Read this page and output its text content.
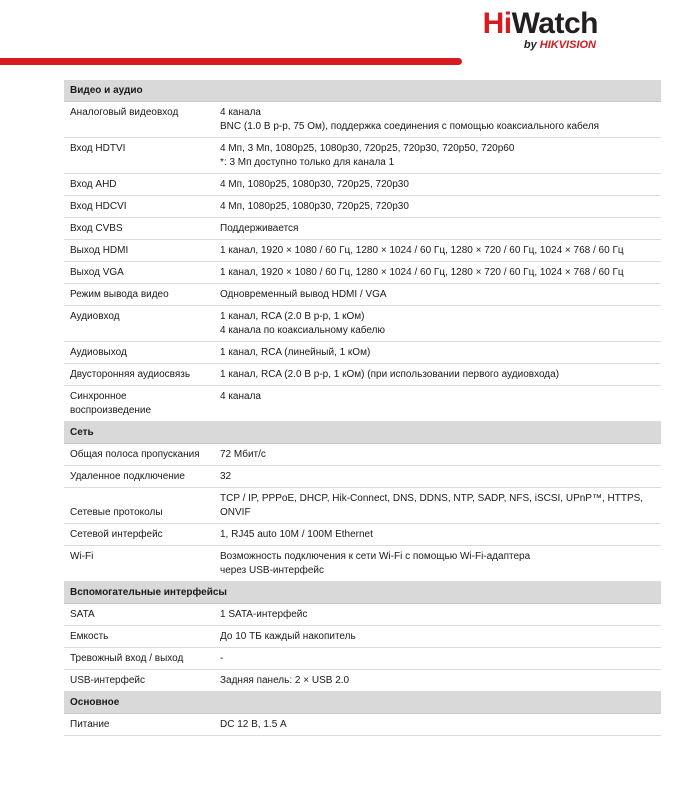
HiWatch
by HIKVISION
Видео и аудио	
Аналоговый видеовход	4 канала
BNC (1.0 В p-p, 75 Ом), поддержка соединения с помощью коаксиального кабеля

Вход HDTVI	4 Мп, 3 Мп, 1080p25, 1080p30, 720p25, 720p30, 720p50, 720p60
*: 3 Мп доступно только для канала 1

Вход AHD	4 Мп, 1080p25, 1080p30, 720p25, 720p30

Вход HDCVI	4 Мп, 1080p25, 1080p30, 720p25, 720p30

Вход CVBS	Поддерживается

Выход HDMI	1 канал, 1920 × 1080 / 60 Гц, 1280 × 1024 / 60 Гц, 1280 × 720 / 60 Гц, 1024 × 768 / 60 Гц

Выход VGA	1 канал, 1920 × 1080 / 60 Гц, 1280 × 1024 / 60 Гц, 1280 × 720 / 60 Гц, 1024 × 768 / 60 Гц

Режим вывода видео	Одновременный вывод HDMI / VGA

Аудиовход	1 канал, RCA (2.0 В p-p, 1 кОм)
4 канала по коаксиальному кабелю

Аудиовыход	1 канал, RCA (линейный, 1 кОм)

Двусторонняя аудиосвязь	1 канал, RCA (2.0 В p-p, 1 кОм) (при использовании первого аудиовхода)

Синхронное воспроизведение	4 канала

Сеть	
Общая полоса пропускания	72 Мбит/с

Удаленное подключение	32

Сетевые протоколы	TCP / IP, PPPoE, DHCP, Hik-Connect, DNS, DDNS, NTP, SADP, NFS, iSCSI, UPnP™, HTTPS, ONVIF

Сетевой интерфейс	1, RJ45 auto 10M / 100M Ethernet

Wi-Fi	Возможность подключения к сети Wi-Fi с помощью Wi-Fi-адаптера
через USB-интерфейс

Вспомогательные интерфейсы	
SATA	1 SATA-интерфейс

Емкость	До 10 ТБ каждый накопитель

Тревожный вход / выход	-

USB-интерфейс	Задняя панель: 2 × USB 2.0

Основное	
Питание	DC 12 В, 1.5 А
